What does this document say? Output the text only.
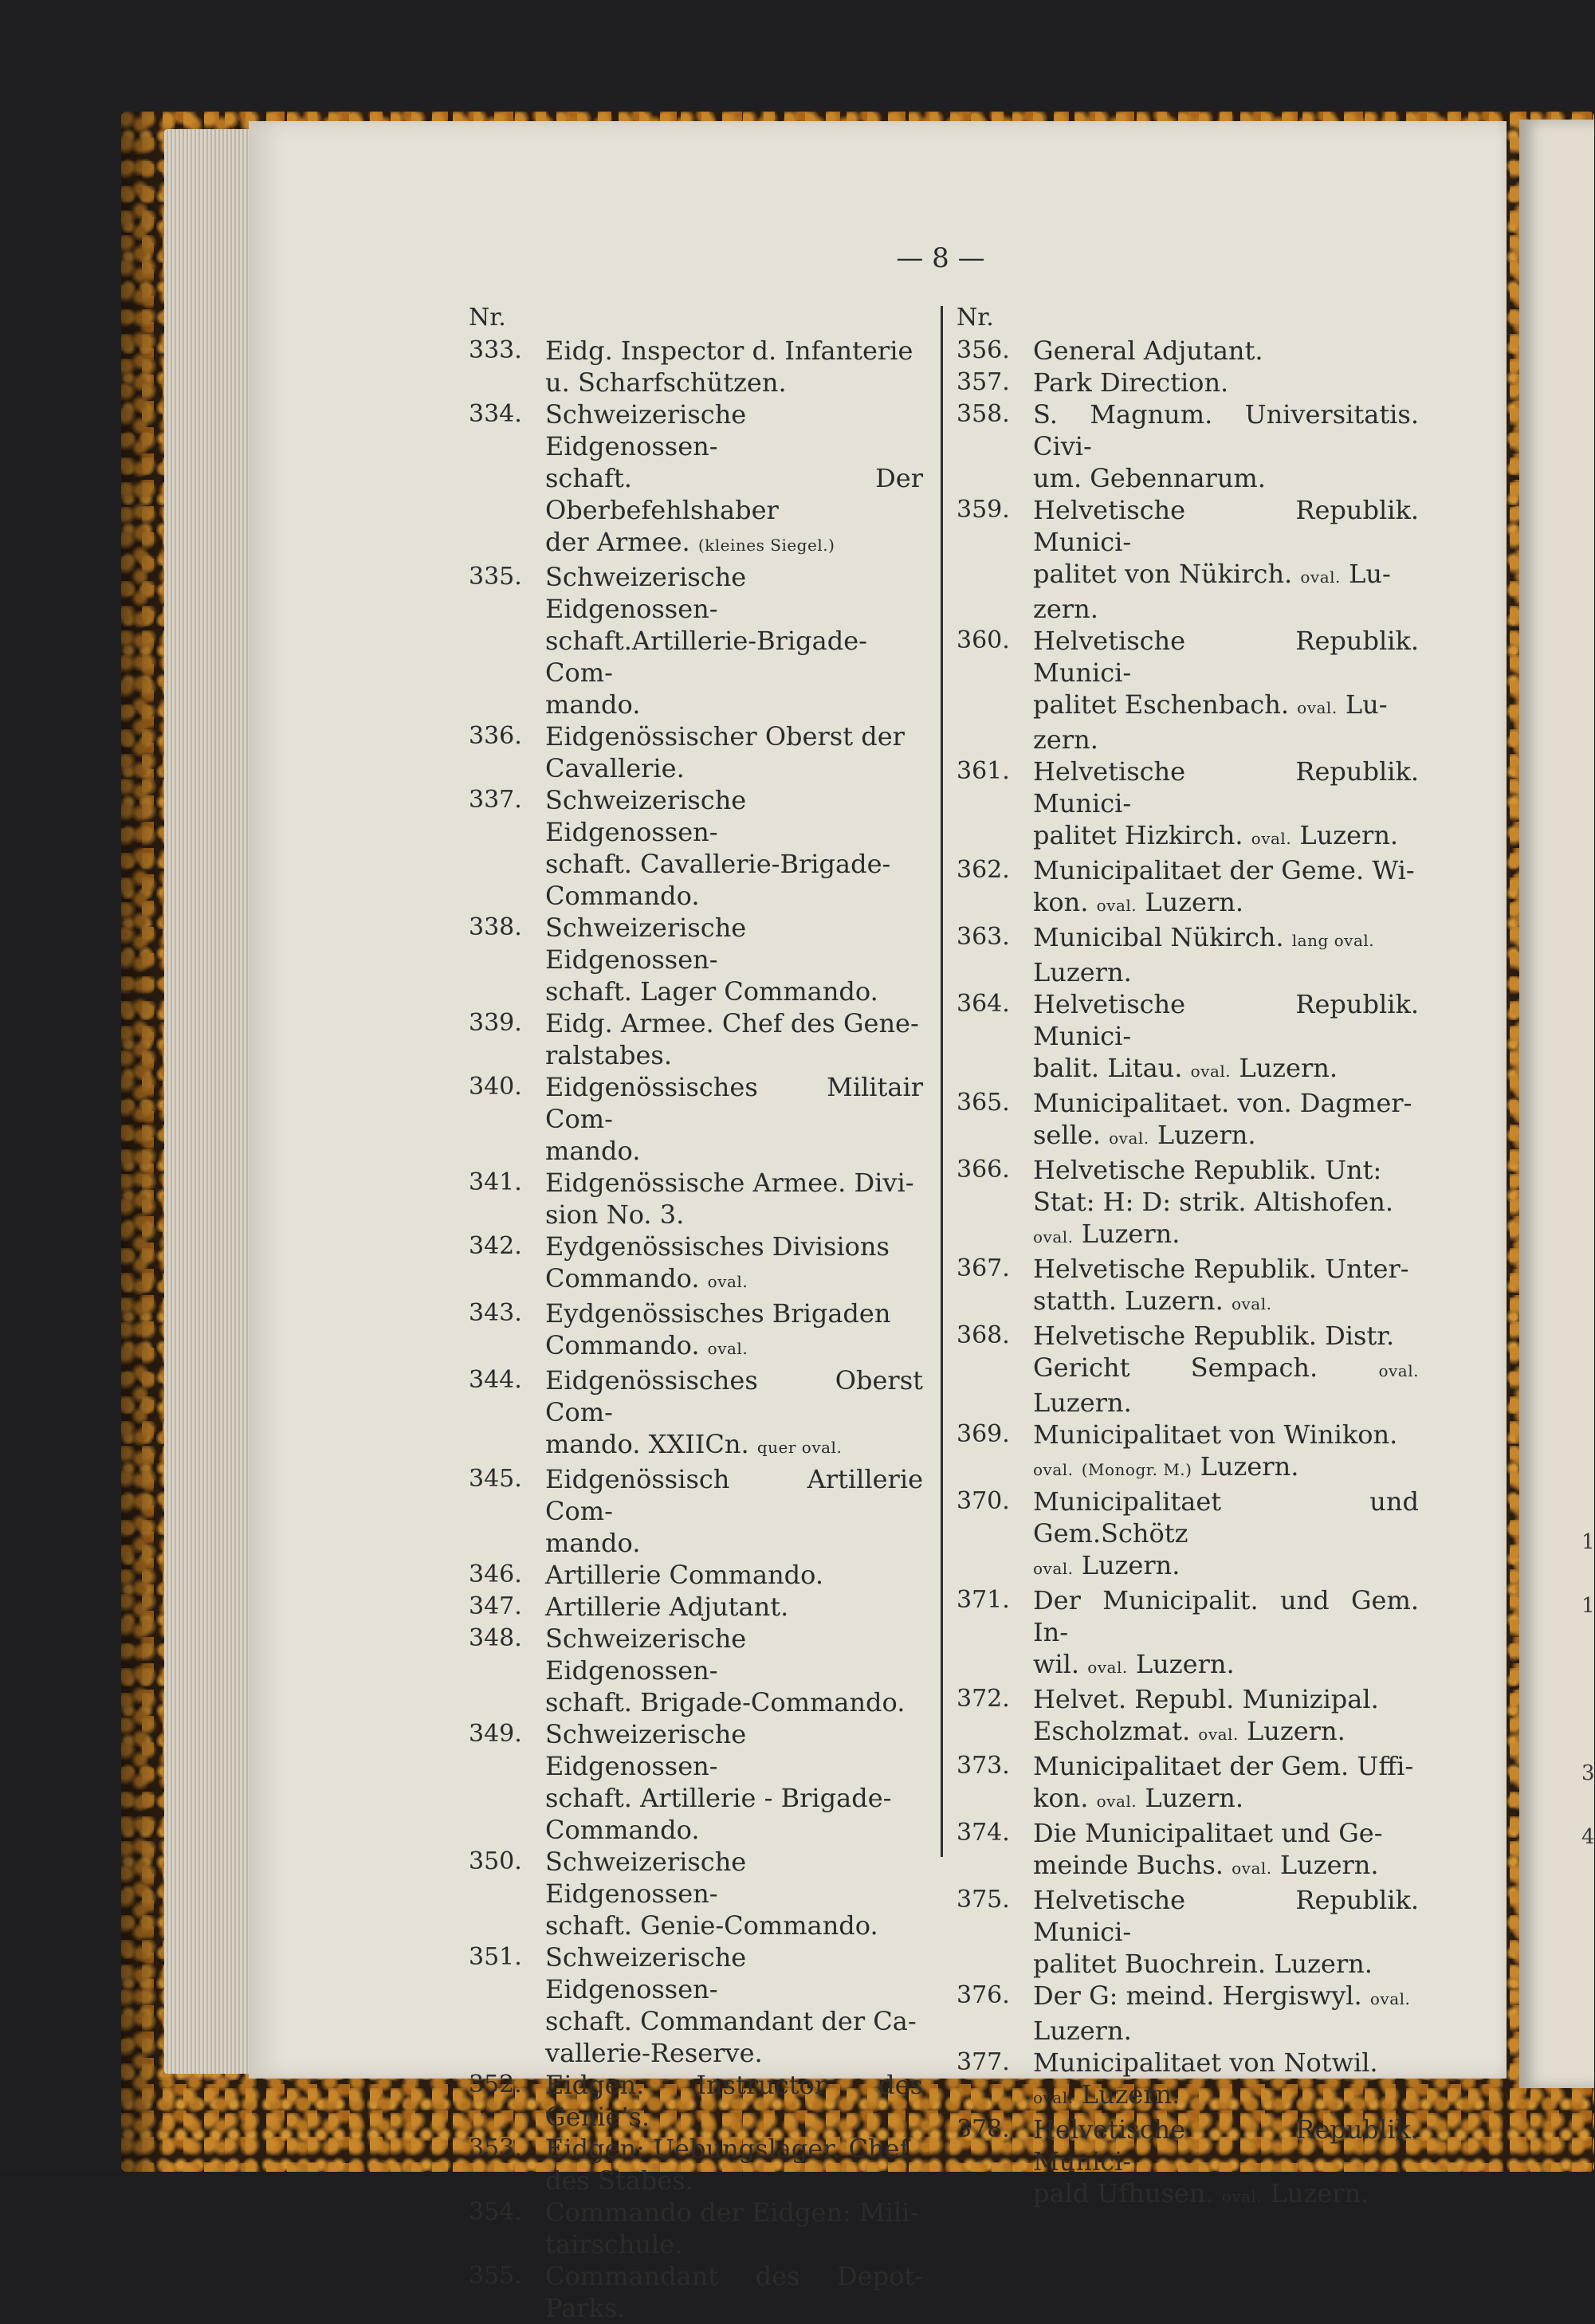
1
1
3
4
— 8 —
Nr.
333. Eidg. Inspector d. Infanterie
u. Scharfschützen.
334. Schweizerische Eidgenossen-
schaft. Der Oberbefehlshaber
der Armee. (kleines Siegel.)
335. Schweizerische Eidgenossen-
schaft.Artillerie-Brigade-Com-
mando.
336. Eidgenössischer Oberst der
Cavallerie.
337. Schweizerische Eidgenossen-
schaft. Cavallerie-Brigade-
Commando.
338. Schweizerische Eidgenossen-
schaft. Lager Commando.
339. Eidg. Armee. Chef des Gene-
ralstabes.
340. Eidgenössisches Militair Com-
mando.
341. Eidgenössische Armee. Divi-
sion No. 3.
342. Eydgenössisches Divisions
Commando. oval.
343. Eydgenössisches Brigaden
Commando. oval.
344. Eidgenössisches Oberst Com-
mando. XXIICn. quer oval.
345. Eidgenössisch Artillerie Com-
mando.
346. Artillerie Commando.
347. Artillerie Adjutant.
348. Schweizerische Eidgenossen-
schaft. Brigade-Commando.
349. Schweizerische Eidgenossen-
schaft. Artillerie - Brigade-
Commando.
350. Schweizerische Eidgenossen-
schaft. Genie-Commando.
351. Schweizerische Eidgenossen-
schaft. Commandant der Ca-
vallerie-Reserve.
352. Eidgen. Instructor des Genie’s.
353. Eidgen: Uebungslager. Chef
des Stabes.
354. Commando der Eidgen: Mili-
tairschule.
355. Commandant des Depot-Parks.
Nr.
356. General Adjutant.
357. Park Direction.
358. S. Magnum. Universitatis. Civi-
um. Gebennarum.
359. Helvetische Republik. Munici-
palitet von Nükirch. oval. Lu-
zern.
360. Helvetische Republik. Munici-
palitet Eschenbach. oval. Lu-
zern.
361. Helvetische Republik. Munici-
palitet Hizkirch. oval. Luzern.
362. Municipalitaet der Geme. Wi-
kon. oval. Luzern.
363. Municibal Nükirch. lang oval.
Luzern.
364. Helvetische Republik. Munici-
balit. Litau. oval. Luzern.
365. Municipalitaet. von. Dagmer-
selle. oval. Luzern.
366. Helvetische Republik. Unt:
Stat: H: D: strik. Altishofen.
oval. Luzern.
367. Helvetische Republik. Unter-
statth. Luzern. oval.
368. Helvetische Republik. Distr.
Gericht Sempach. oval. Luzern.
369. Municipalitaet von Winikon.
oval. (Monogr. M.) Luzern.
370. Municipalitaet und Gem.Schötz
oval. Luzern.
371. Der Municipalit. und Gem. In-
wil. oval. Luzern.
372. Helvet. Republ. Munizipal.
Escholzmat. oval. Luzern.
373. Municipalitaet der Gem. Uffi-
kon. oval. Luzern.
374. Die Municipalitaet und Ge-
meinde Buchs. oval. Luzern.
375. Helvetische Republik. Munici-
palitet Buochrein. Luzern.
376. Der G: meind. Hergiswyl. oval.
Luzern.
377. Municipalitaet von Notwil.
oval. Luzern.
378. Helvetische Republik. Munici-
pald Ufhusen. oval. Luzern.
